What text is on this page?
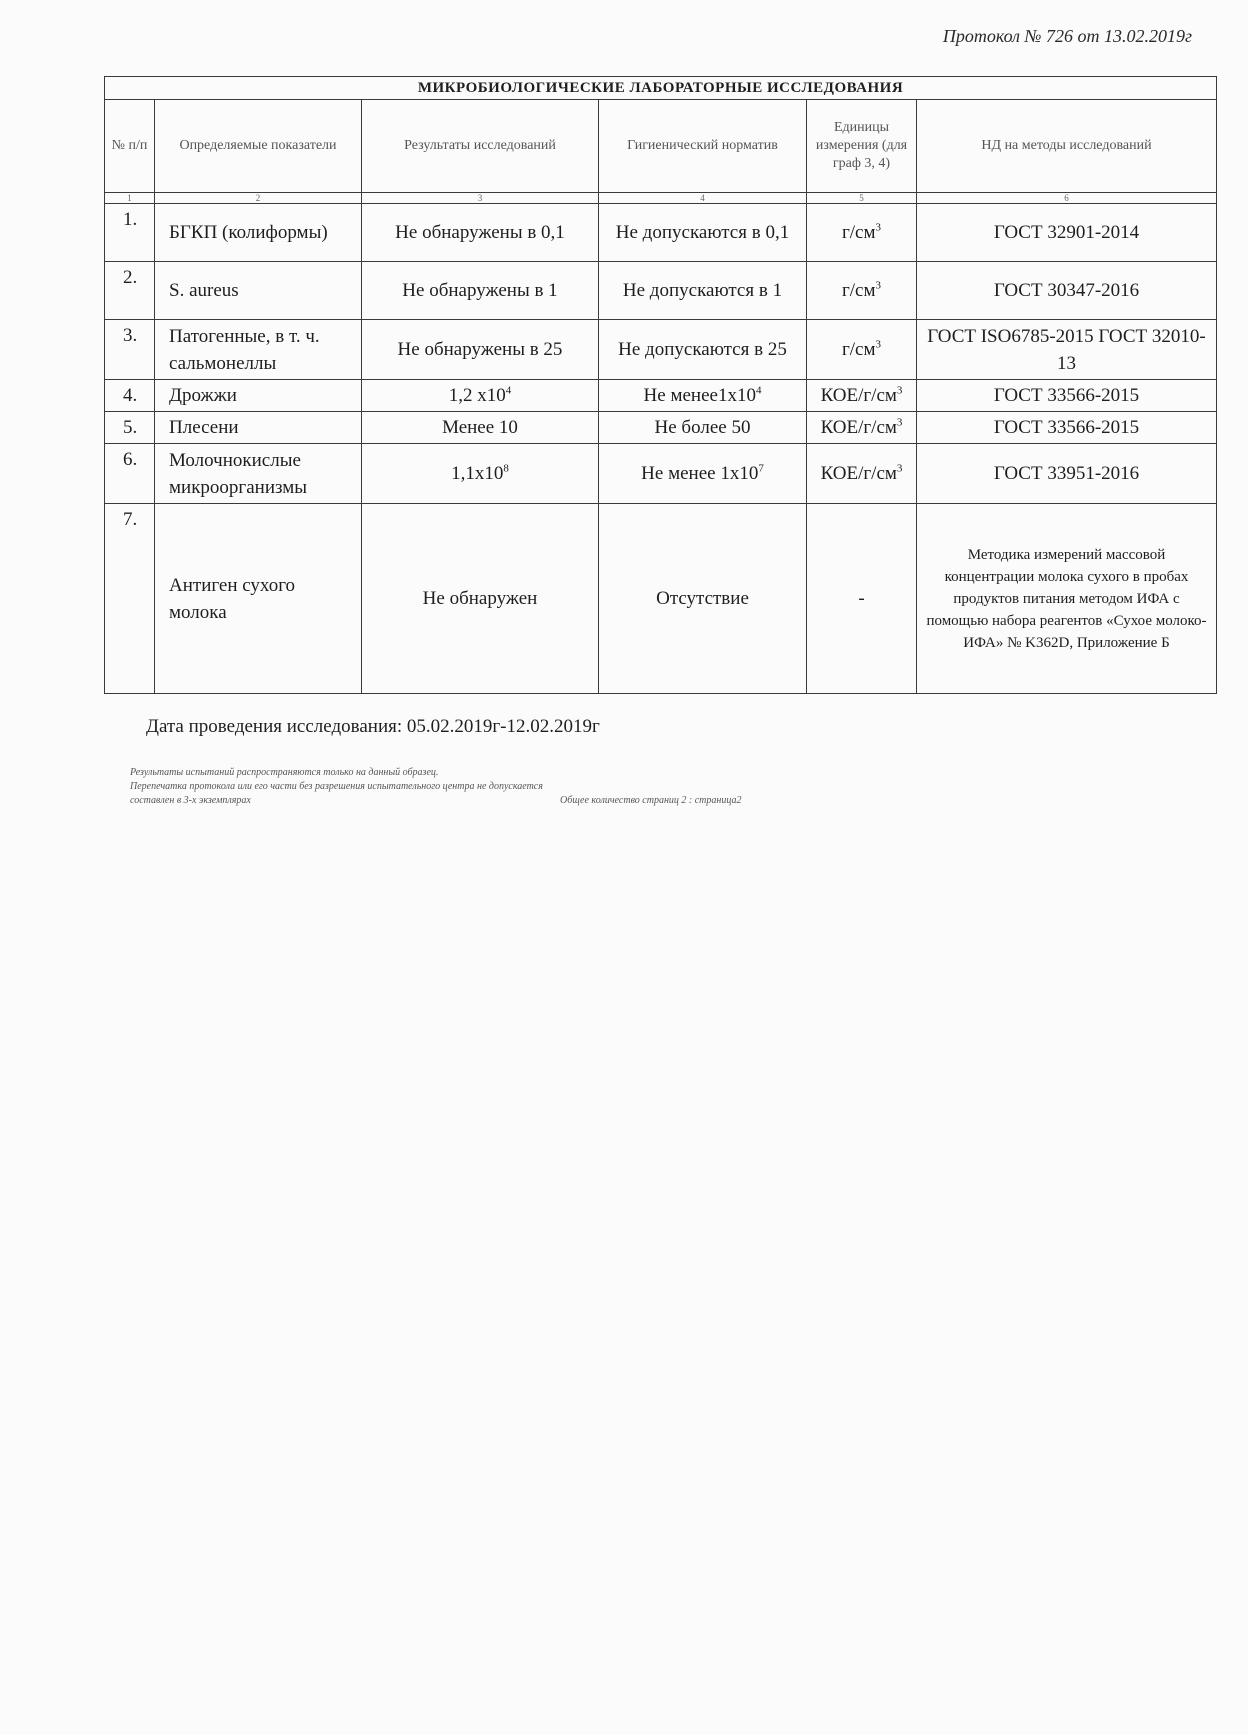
Протокол № 726 от 13.02.2019г
МИКРОБИОЛОГИЧЕСКИЕ ЛАБОРАТОРНЫЕ ИССЛЕДОВАНИЯ					
№ п/п	Определяемые показатели	Результаты исследований	Гигиенический норматив	Единицы измерения (для граф 3, 4)	НД на методы исследований
1	2	3	4	5	6
1.	БГКП (колиформы)	Не обнаружены в 0,1	Не допускаются в 0,1	$г/см^3$	ГОСТ 32901-2014
2.	S. aureus	Не обнаружены в 1	Не допускаются в 1	$г/см^3$	ГОСТ 30347-2016
3.	Патогенные, в т. ч. сальмонеллы	Не обнаружены в 25	Не допускаются в 25	$г/см^3$	ГОСТ ISO6785-2015 ГОСТ 32010-13
4.	Дрожжи	1,2 $х10^4$	Не $менее1х10^4$	КОЕ/$г/см^3$	ГОСТ 33566-2015
5.	Плесени	Менее 10	Не более 50	КОЕ/$г/см^3$	ГОСТ 33566-2015
6.	Молочнокислые микроорганизмы	$1,1х10^8$	Не менее $1х10^7$	КОЕ/$г/см^3$	ГОСТ 33951-2016
7.	Антиген сухого молока	Не обнаружен	Отсутствие	-	Методика измерений массовой концентрации молока сухого в пробах продуктов питания методом ИФА с помощью набора реагентов «Сухое молоко-ИФА» № K362D, Приложение Б
Дата проведения исследования: 05.02.2019г-12.02.2019г
Результаты испытаний распространяются только на данный образец.
Перепечатка протокола или его части без разрешения испытательного центра не допускается
составлен в 3-х экземплярах	Общее количество страниц 2 : страница2
